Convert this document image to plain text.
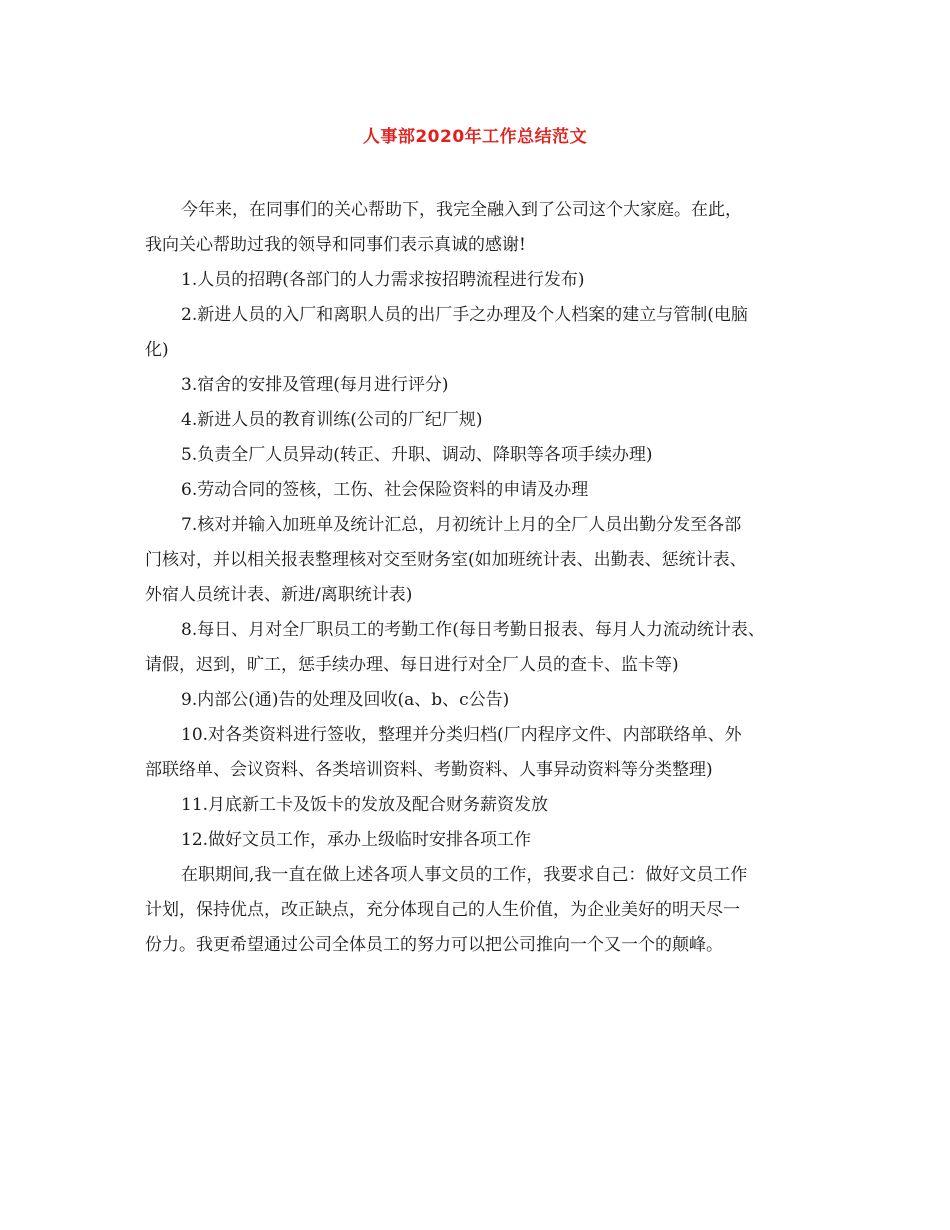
人事部2020年工作总结范文

今年来，在同事们的关心帮助下，我完全融入到了公司这个大家庭。在此，

我向关心帮助过我的领导和同事们表示真诚的感谢!

1.人员的招聘(各部门的人力需求按招聘流程进行发布)

2.新进人员的入厂和离职人员的出厂手之办理及个人档案的建立与管制(电脑

化)

3.宿舍的安排及管理(每月进行评分)

4.新进人员的教育训练(公司的厂纪厂规)

5.负责全厂人员异动(转正、升职、调动、降职等各项手续办理)

6.劳动合同的签核，工伤、社会保险资料的申请及办理

7.核对并输入加班单及统计汇总，月初统计上月的全厂人员出勤分发至各部

门核对，并以相关报表整理核对交至财务室(如加班统计表、出勤表、惩统计表、

外宿人员统计表、新进/离职统计表)

8.每日、月对全厂职员工的考勤工作(每日考勤日报表、每月人力流动统计表、

请假，迟到，旷工，惩手续办理、每日进行对全厂人员的查卡、监卡等)

9.内部公(通)告的处理及回收(a、b、c公告)

10.对各类资料进行签收，整理并分类归档(厂内程序文件、内部联络单、外

部联络单、会议资料、各类培训资料、考勤资料、人事异动资料等分类整理)

11.月底新工卡及饭卡的发放及配合财务薪资发放

12.做好文员工作，承办上级临时安排各项工作

在职期间,我一直在做上述各项人事文员的工作，我要求自己：做好文员工作

计划，保持优点，改正缺点，充分体现自己的人生价值，为企业美好的明天尽一

份力。我更希望通过公司全体员工的努力可以把公司推向一个又一个的颠峰。
